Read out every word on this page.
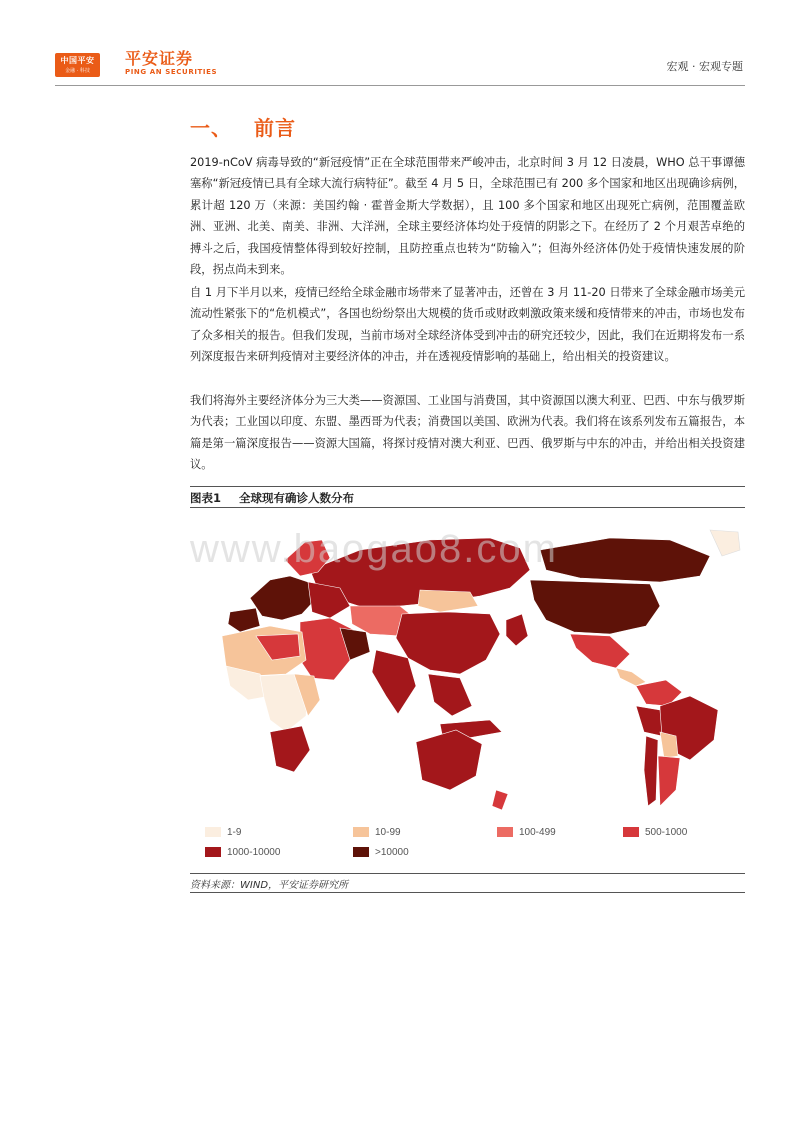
中国平安
金融 · 科技
平安证券
PING AN SECURITIES	宏观 · 宏观专题
一、 前言

2019-nCoV 病毒导致的“新冠疫情”正在全球范围带来严峻冲击，北京时间 3 月 12 日凌晨，WHO 总干事谭德塞称“新冠疫情已具有全球大流行病特征”。截至 4 月 5 日，全球范围已有 200 多个国家和地区出现确诊病例，累计超 120 万（来源：美国约翰 · 霍普金斯大学数据），且 100 多个国家和地区出现死亡病例，范围覆盖欧洲、亚洲、北美、南美、非洲、大洋洲，全球主要经济体均处于疫情的阴影之下。在经历了 2 个月艰苦卓绝的搏斗之后，我国疫情整体得到较好控制，且防控重点也转为“防输入”；但海外经济体仍处于疫情快速发展的阶段，拐点尚未到来。

自 1 月下半月以来，疫情已经给全球金融市场带来了显著冲击，还曾在 3 月 11-20 日带来了全球金融市场美元流动性紧张下的“危机模式”，各国也纷纷祭出大规模的货币或财政刺激政策来缓和疫情带来的冲击，市场也发布了众多相关的报告。但我们发现，当前市场对全球经济体受到冲击的研究还较少，因此，我们在近期将发布一系列深度报告来研判疫情对主要经济体的冲击，并在透视疫情影响的基础上，给出相关的投资建议。

我们将海外主要经济体分为三大类——资源国、工业国与消费国，其中资源国以澳大利亚、巴西、中东与俄罗斯为代表；工业国以印度、东盟、墨西哥为代表；消费国以美国、欧洲为代表。我们将在该系列发布五篇报告，本篇是第一篇深度报告——资源大国篇，将探讨疫情对澳大利亚、巴西、俄罗斯与中东的冲击，并给出相关投资建议。

图表1 全球现有确诊人数分布
www.baogao8.com
1-9	10-99	100-499	500-1000
1000-10000	>10000
资料来源：WIND，平安证券研究所
